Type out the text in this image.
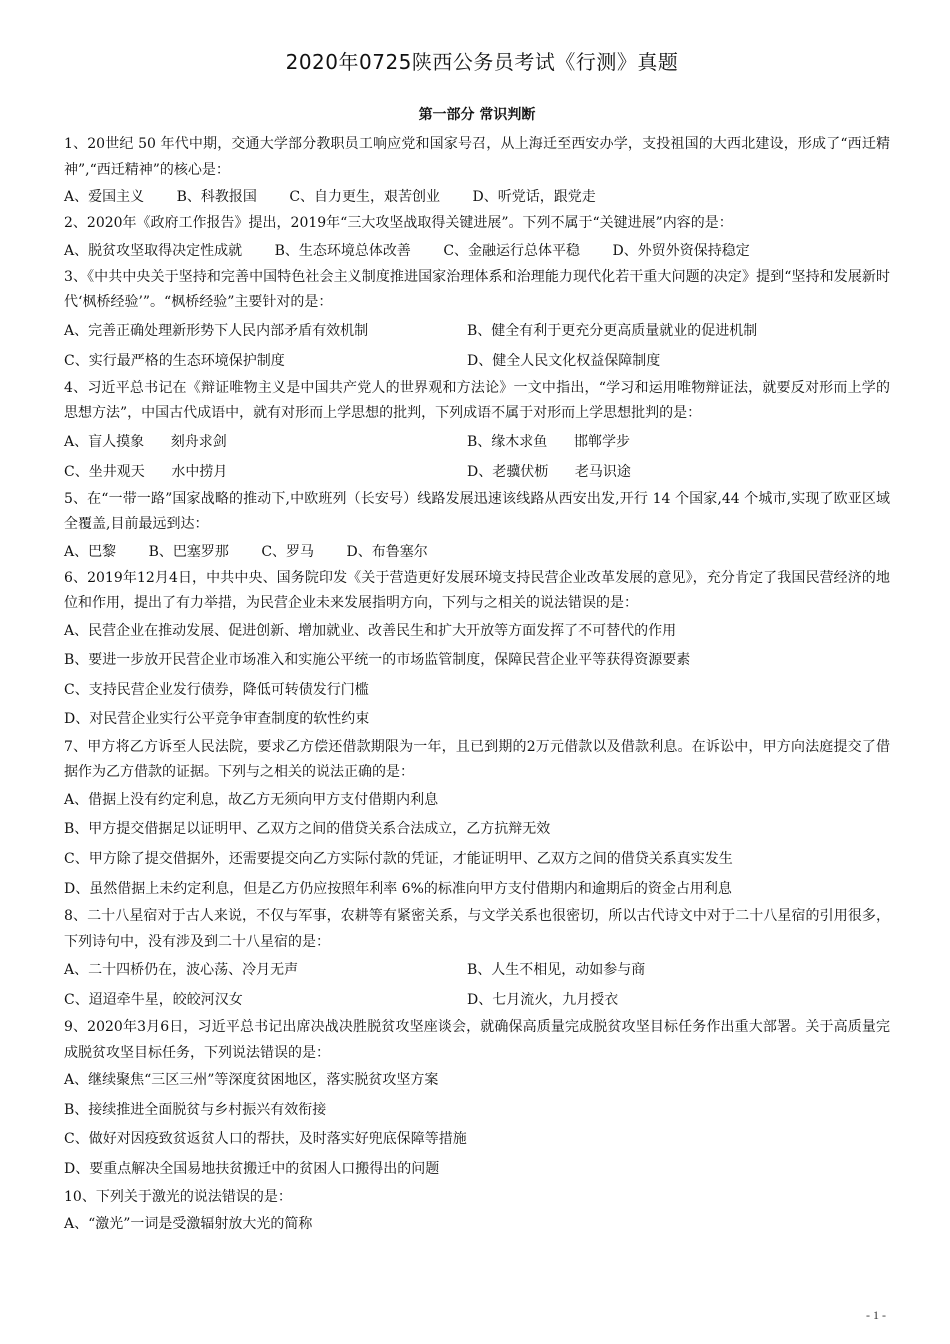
2020年0725陕西公务员考试《行测》真题
第一部分 常识判断

1、20世纪 50 年代中期，交通大学部分教职员工响应党和国家号召，从上海迁至西安办学，支投祖国的大西北建设，形成了“西迁精神”,“西迁精神”的核心是：

A、爱国主义 B、科教报国 C、自力更生，艰苦创业 D、听党话，跟党走

2、2020年《政府工作报告》提出，2019年“三大攻坚战取得关键进展”。下列不属于“关键进展”内容的是：

A、脱贫攻坚取得决定性成就 B、生态环境总体改善 C、金融运行总体平稳 D、外贸外资保持稳定

3、《中共中央关于坚持和完善中国特色社会主义制度推进国家治理体系和治理能力现代化若干重大问题的决定》提到“坚持和发展新时代‘枫桥经验’”。“枫桥经验”主要针对的是：

A、完善正确处理新形势下人民内部矛盾有效机制	B、健全有利于更充分更高质量就业的促进机制
C、实行最严格的生态环境保护制度	D、健全人民文化权益保障制度

4、习近平总书记在《辩证唯物主义是中国共产党人的世界观和方法论》一文中指出，“学习和运用唯物辩证法，就要反对形而上学的思想方法”，中国古代成语中，就有对形而上学思想的批判，下列成语不属于对形而上学思想批判的是：

A、盲人摸象      刻舟求剑	B、缘木求鱼      邯郸学步
C、坐井观天      水中捞月	D、老骥伏枥      老马识途

5、在“一带一路”国家战略的推动下,中欧班列（长安号）线路发展迅速该线路从西安出发,开行 14 个国家,44 个城市,实现了欧亚区域全覆盖,目前最远到达：

A、巴黎 B、巴塞罗那 C、罗马 D、布鲁塞尔

6、2019年12月4日，中共中央、国务院印发《关于营造更好发展环境支持民营企业改革发展的意见》，充分肯定了我国民营经济的地位和作用，提出了有力举措，为民营企业未来发展指明方向，下列与之相关的说法错误的是：

A、民营企业在推动发展、促进创新、增加就业、改善民生和扩大开放等方面发挥了不可替代的作用

B、要进一步放开民营企业市场准入和实施公平统一的市场监管制度，保障民营企业平等获得资源要素

C、支持民营企业发行债券，降低可转债发行门槛

D、对民营企业实行公平竞争审查制度的软性约束

7、甲方将乙方诉至人民法院，要求乙方偿还借款期限为一年，且已到期的2万元借款以及借款利息。在诉讼中，甲方向法庭提交了借据作为乙方借款的证据。下列与之相关的说法正确的是：

A、借据上没有约定利息，故乙方无须向甲方支付借期内利息

B、甲方提交借据足以证明甲、乙双方之间的借贷关系合法成立，乙方抗辩无效

C、甲方除了提交借据外，还需要提交向乙方实际付款的凭证，才能证明甲、乙双方之间的借贷关系真实发生

D、虽然借据上未约定利息，但是乙方仍应按照年利率 6%的标准向甲方支付借期内和逾期后的资金占用利息

8、二十八星宿对于古人来说，不仅与军事，农耕等有紧密关系，与文学关系也很密切，所以古代诗文中对于二十八星宿的引用很多，下列诗句中，没有涉及到二十八星宿的是：

A、二十四桥仍在，波心荡、冷月无声	B、人生不相见，动如参与商
C、迢迢牵牛星，皎皎河汉女	D、七月流火，九月授衣

9、2020年3月6日，习近平总书记出席决战决胜脱贫攻坚座谈会，就确保高质量完成脱贫攻坚目标任务作出重大部署。关于高质量完成脱贫攻坚目标任务，下列说法错误的是：

A、继续聚焦“三区三州”等深度贫困地区，落实脱贫攻坚方案

B、接续推进全面脱贫与乡村振兴有效衔接

C、做好对因疫致贫返贫人口的帮扶，及时落实好兜底保障等措施

D、要重点解决全国易地扶贫搬迁中的贫困人口搬得出的问题

10、下列关于激光的说法错误的是：

A、“激光”一词是受激辐射放大光的简称

- 1 -
